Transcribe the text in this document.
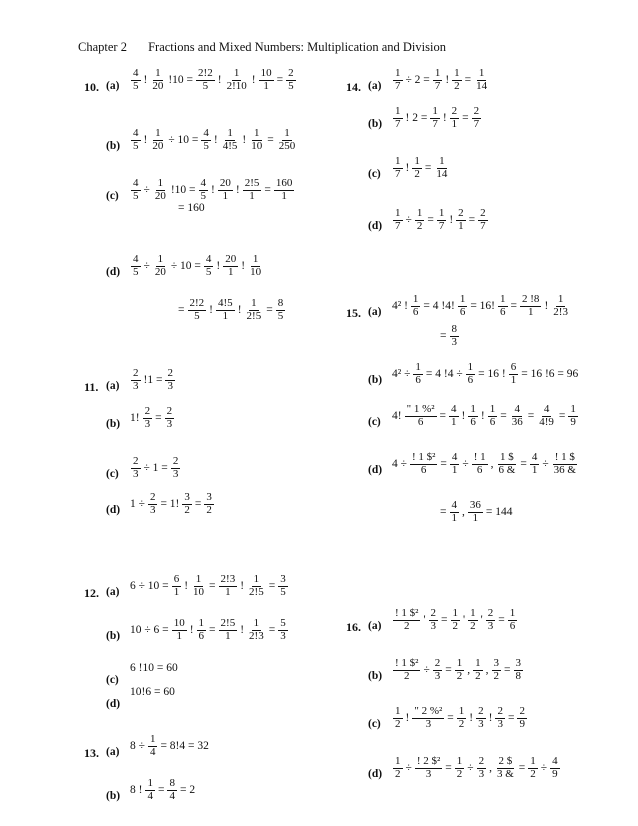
Chapter 2 Fractions and Mixed Numbers: Multiplication and Division
10. $(a) \frac{4}{5}$ ! $\frac{1}{20} !10 = \frac{2!2}{5}$ ! $\frac{1}{2!10}$ ! $\frac{10}{1} = \frac{2}{5}$
$(b) \frac{4}{5}$ ! $\frac{1}{20} \div 10 = \frac{4}{5}$ ! $\frac{1}{4!5}$ ! $\frac{1}{10} = \frac{1}{250}$
$(c) \frac{4}{5} \div \frac{1}{20} !10 = \frac{4}{5}$ ! $\frac{20}{1}$ ! $\frac{2!5}{1} = \frac{160}{1}$
= 160
$(d) \frac{4}{5} \div \frac{1}{20} \div 10 = \frac{4}{5}$ ! $\frac{20}{1}$ ! $\frac{1}{10}$
= $\frac{2!2}{5}$ ! $\frac{4!5}{1}$ ! $\frac{1}{2!5} = \frac{8}{5}$
11. $(a) \frac{2}{3} !1 = \frac{2}{3}$
(b) 1! $\frac{2}{3} = \frac{2}{3}$
$(c) \frac{2}{3} \div 1 = \frac{2}{3}$
(d) $1 \div \frac{2}{3} = 1$! $\frac{3}{2} = \frac{3}{2}$
12. (a) $6 \div 10 = \frac{6}{1}$ ! $\frac{1}{10} = \frac{2!3}{1}$ ! $\frac{1}{2!5} = \frac{3}{5}$
(b) $10 \div 6 = \frac{10}{1}$ ! $\frac{1}{6} = \frac{2!5}{1}$ ! $\frac{1}{2!3} = \frac{5}{3}$
(c)
6 !10 = 60
(d)
10!6 = 60
13. (a) $8 \div \frac{1}{4} = 8!4 = 32$
(b) 8 ! $\frac{1}{4} = \frac{8}{4} = 2$
14. $(a) \frac{1}{7} \div 2 = \frac{1}{7}$ ! $\frac{1}{2} = \frac{1}{14}$
$(b) \frac{1}{7}$ ! $2 = \frac{1}{7}$ ! $\frac{2}{1} = \frac{2}{7}$
$(c) \frac{1}{7}$ ! $\frac{1}{2} = \frac{1}{14}$
$(d) \frac{1}{7} \div \frac{1}{2} = \frac{1}{7}$ ! $\frac{2}{1} = \frac{2}{7}$
15. (a) 4² ! $\frac{1}{6} = 4$ !4! $\frac{1}{6} = 16$! $\frac{1}{6} = \frac{2 !8}{1}$ ! $\frac{1}{2!3}$
= $\frac{8}{3}$
(b) $4^2 \div \frac{1}{6} = 4$ $!4 \div \frac{1}{6} = 16$ ! $\frac{6}{1} = 16$ !6 = 96
(c) 4! $\frac{\text{" 1 \%²}}{6} = \frac{4}{1}$ ! $\frac{1}{6}$ ! $\frac{1}{6} = \frac{4}{36} = \frac{4}{4!9} = \frac{1}{9}$
(d) $4 \div \frac{\text{! 1 \$²}}{6} = \frac{4}{1} \div \frac{! 1}{6}$ , $\frac{1 \$}{6 \&} = \frac{4}{1} \div \frac{! 1 \$}{36 \&}$
= $\frac{4}{1}$ , $\frac{36}{1} = 144$
16. $(a) \frac{\text{! 1 \$²}}{2}$ ' $\frac{2}{3} = \frac{1}{2}$ ' $\frac{1}{2}$ ' $\frac{2}{3} = \frac{1}{6}$
$(b) \frac{\text{! 1 \$²}}{2} \div \frac{2}{3} = \frac{1}{2}$ , $\frac{1}{2}$ , $\frac{3}{2} = \frac{3}{8}$
$(c) \frac{1}{2}$ ! $\frac{\text{" 2 \%²}}{3} = \frac{1}{2}$ ! $\frac{2}{3}$ ! $\frac{2}{3} = \frac{2}{9}$
$(d) \frac{1}{2} \div \frac{\text{! 2 \$²}}{3} = \frac{1}{2} \div \frac{2}{3}$ , $\frac{2 \$}{3 \&} = \frac{1}{2} \div \frac{4}{9}$
